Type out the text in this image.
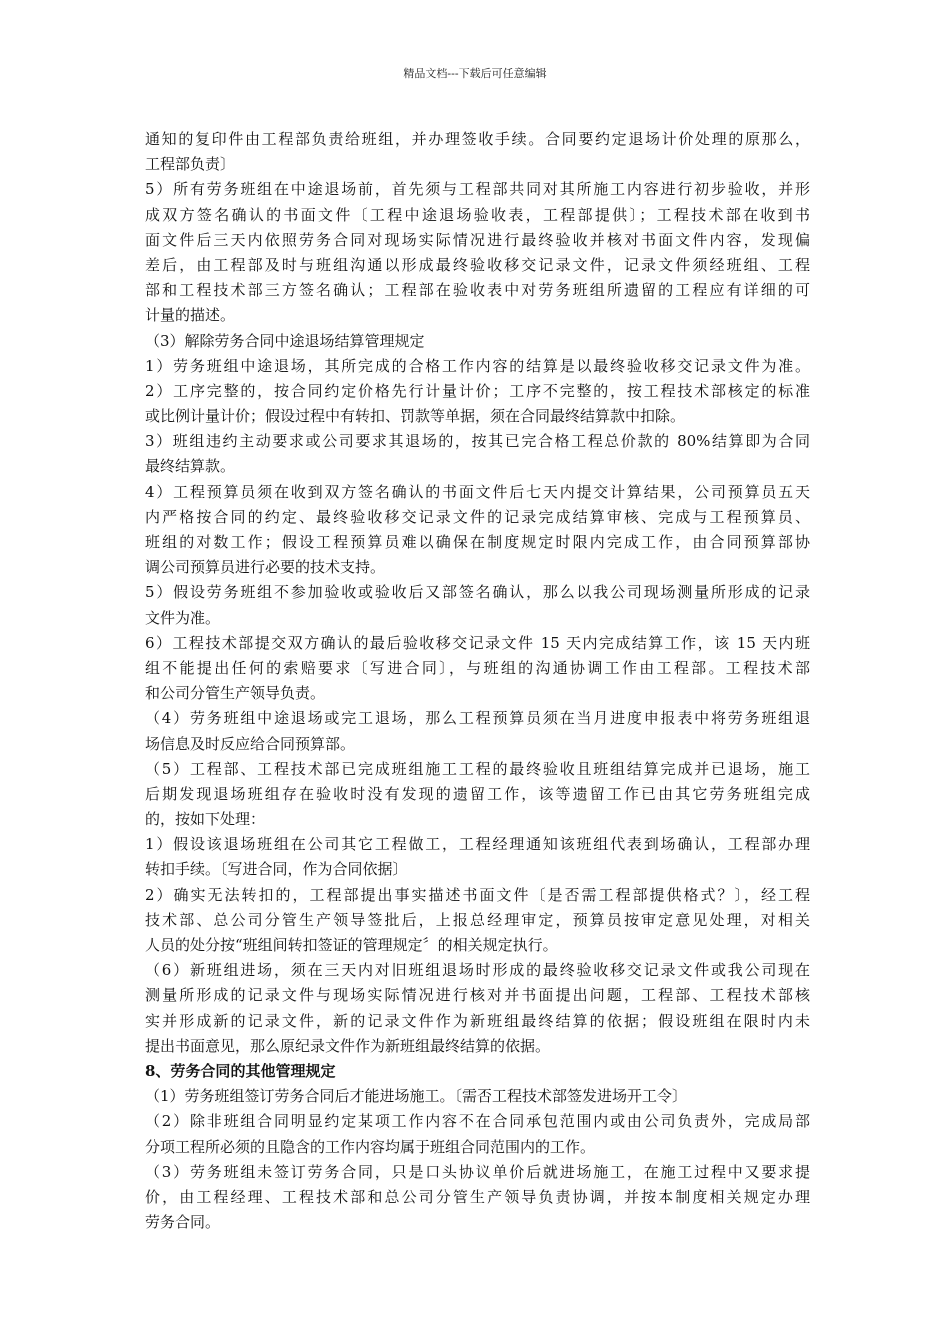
精品文档---下载后可任意编辑
通知的复印件由工程部负责给班组，并办理签收手续。合同要约定退场计价处理的原那么，
工程部负责〕
5）所有劳务班组在中途退场前，首先须与工程部共同对其所施工内容进行初步验收，并形
成双方签名确认的书面文件〔工程中途退场验收表，工程部提供〕；工程技术部在收到书
面文件后三天内依照劳务合同对现场实际情况进行最终验收并核对书面文件内容，发现偏
差后，由工程部及时与班组沟通以形成最终验收移交记录文件，记录文件须经班组、工程
部和工程技术部三方签名确认；工程部在验收表中对劳务班组所遗留的工程应有详细的可
计量的描述。
（3）解除劳务合同中途退场结算管理规定
1）劳务班组中途退场，其所完成的合格工作内容的结算是以最终验收移交记录文件为准。
2）工序完整的，按合同约定价格先行计量计价；工序不完整的，按工程技术部核定的标准
或比例计量计价；假设过程中有转扣、罚款等单据，须在合同最终结算款中扣除。
3）班组违约主动要求或公司要求其退场的，按其已完合格工程总价款的 80%结算即为合同
最终结算款。
4）工程预算员须在收到双方签名确认的书面文件后七天内提交计算结果，公司预算员五天
内严格按合同的约定、最终验收移交记录文件的记录完成结算审核、完成与工程预算员、
班组的对数工作；假设工程预算员难以确保在制度规定时限内完成工作，由合同预算部协
调公司预算员进行必要的技术支持。
5）假设劳务班组不参加验收或验收后又部签名确认，那么以我公司现场测量所形成的记录
文件为准。
6）工程技术部提交双方确认的最后验收移交记录文件 15 天内完成结算工作，该 15 天内班
组不能提出任何的索赔要求〔写进合同〕，与班组的沟通协调工作由工程部。工程技术部
和公司分管生产领导负责。
（4）劳务班组中途退场或完工退场，那么工程预算员须在当月进度申报表中将劳务班组退
场信息及时反应给合同预算部。
（5）工程部、工程技术部已完成班组施工工程的最终验收且班组结算完成并已退场，施工
后期发现退场班组存在验收时没有发现的遗留工作，该等遗留工作已由其它劳务班组完成
的，按如下处理：
1）假设该退场班组在公司其它工程做工，工程经理通知该班组代表到场确认，工程部办理
转扣手续。〔写进合同，作为合同依据〕
2）确实无法转扣的，工程部提出事实描述书面文件〔是否需工程部提供格式？〕，经工程
技术部、总公司分管生产领导签批后，上报总经理审定，预算员按审定意见处理，对相关
人员的处分按“班组间转扣签证的管理规定〞的相关规定执行。
（6）新班组进场，须在三天内对旧班组退场时形成的最终验收移交记录文件或我公司现在
测量所形成的记录文件与现场实际情况进行核对并书面提出问题，工程部、工程技术部核
实并形成新的记录文件，新的记录文件作为新班组最终结算的依据；假设班组在限时内未
提出书面意见，那么原纪录文件作为新班组最终结算的依据。
8、劳务合同的其他管理规定
（1）劳务班组签订劳务合同后才能进场施工。〔需否工程技术部签发进场开工令〕
（2）除非班组合同明显约定某项工作内容不在合同承包范围内或由公司负责外，完成局部
分项工程所必须的且隐含的工作内容均属于班组合同范围内的工作。
（3）劳务班组未签订劳务合同，只是口头协议单价后就进场施工，在施工过程中又要求提
价，由工程经理、工程技术部和总公司分管生产领导负责协调，并按本制度相关规定办理
劳务合同。
